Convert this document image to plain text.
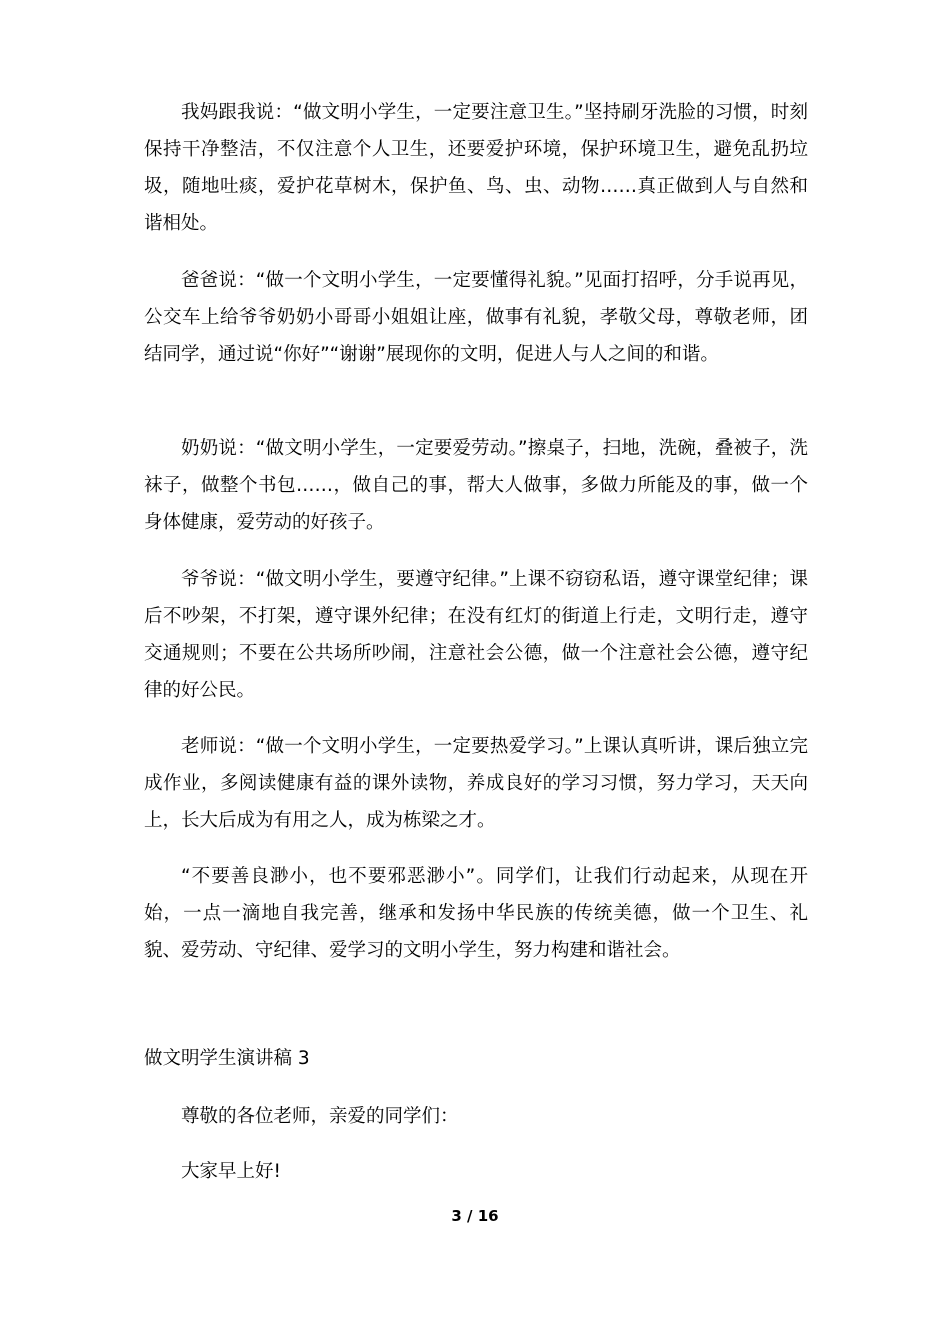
我妈跟我说：“做文明小学生，一定要注意卫生。”坚持刷牙洗脸的习惯，时刻保持干净整洁，不仅注意个人卫生，还要爱护环境，保护环境卫生，避免乱扔垃圾，随地吐痰，爱护花草树木，保护鱼、鸟、虫、动物……真正做到人与自然和谐相处。

爸爸说：“做一个文明小学生，一定要懂得礼貌。”见面打招呼，分手说再见，公交车上给爷爷奶奶小哥哥小姐姐让座，做事有礼貌，孝敬父母，尊敬老师，团结同学，通过说“你好”“谢谢”展现你的文明，促进人与人之间的和谐。

奶奶说：“做文明小学生，一定要爱劳动。”擦桌子，扫地，洗碗，叠被子，洗袜子，做整个书包……，做自己的事，帮大人做事，多做力所能及的事，做一个身体健康，爱劳动的好孩子。

爷爷说：“做文明小学生，要遵守纪律。”上课不窃窃私语，遵守课堂纪律；课后不吵架，不打架，遵守课外纪律；在没有红灯的街道上行走，文明行走，遵守交通规则；不要在公共场所吵闹，注意社会公德，做一个注意社会公德，遵守纪律的好公民。

老师说：“做一个文明小学生，一定要热爱学习。”上课认真听讲，课后独立完成作业，多阅读健康有益的课外读物，养成良好的学习习惯，努力学习，天天向上，长大后成为有用之人，成为栋梁之才。

“不要善良渺小，也不要邪恶渺小”。同学们，让我们行动起来，从现在开始，一点一滴地自我完善，继承和发扬中华民族的传统美德，做一个卫生、礼貌、爱劳动、守纪律、爱学习的文明小学生，努力构建和谐社会。

做文明学生演讲稿 3

尊敬的各位老师，亲爱的同学们：

大家早上好!

3 / 16
